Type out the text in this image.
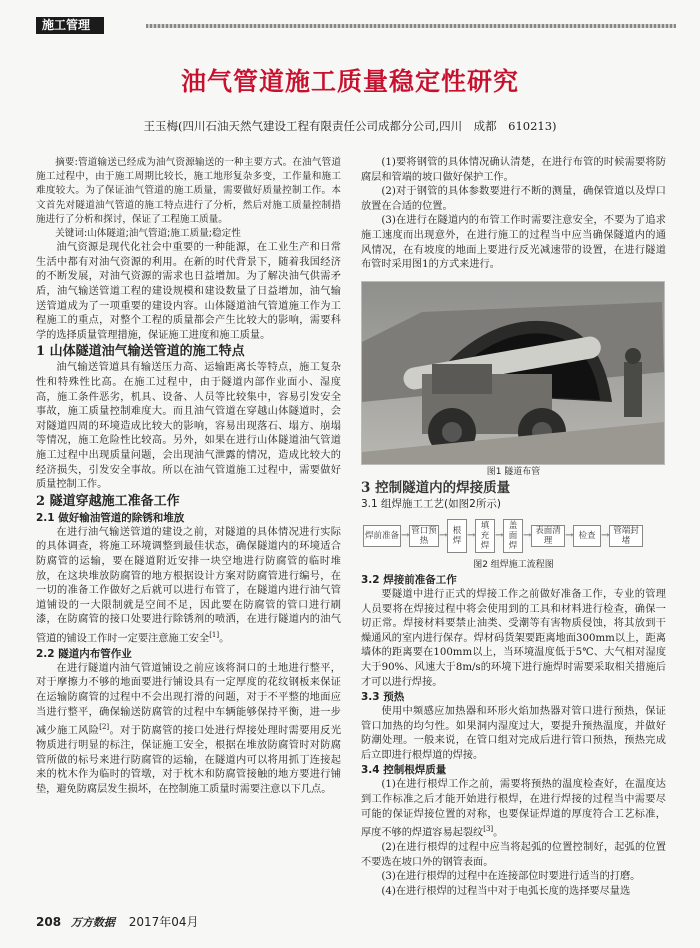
施工管理
油气管道施工质量稳定性研究
王玉梅(四川石油天然气建设工程有限责任公司成都分公司,四川　成都　610213)

摘要:管道输送已经成为油气资源输送的一种主要方式。在油气管道施工过程中，由于施工周期比较长，施工地形复杂多变，工作量和施工难度较大。为了保证油气管道的施工质量，需要做好质量控制工作。本文首先对隧道油气管道的施工特点进行了分析，然后对施工质量控制措施进行了分析和探讨，保证了工程施工质量。

关键词:山体隧道;油气管道;施工质量;稳定性

油气资源是现代化社会中重要的一种能源，在工业生产和日常生活中都有对油气资源的利用。在新的时代背景下，随着我国经济的不断发展，对油气资源的需求也日益增加。为了解决油气供需矛盾，油气输送管道工程的建设规模和建设数量了日益增加，油气输送管道成为了一项重要的建设内容。山体隧道油气管道施工作为工程施工的重点，对整个工程的质量都会产生比较大的影响，需要科学的选择质量管理措施，保证施工进度和施工质量。

1 山体隧道油气输送管道的施工特点

油气输送管道具有输送压力高、运输距离长等特点，施工复杂性和特殊性比高。在施工过程中，由于隧道内部作业面小、湿度高，施工条件恶劣，机具、设备、人员等比较集中，容易引发安全事故，施工质量控制难度大。而且油气管道在穿越山体隧道时，会对隧道四周的环境造成比较大的影响，容易出现落石、塌方、崩塌等情况，施工危险性比较高。另外，如果在进行山体隧道油气管道施工过程中出现质量问题，会出现油气泄露的情况，造成比较大的经济损失，引发安全事故。所以在油气管道施工过程中，需要做好质量控制工作。

2 隧道穿越施工准备工作

2.1 做好输油管道的除锈和堆放

在进行油气输送管道的建设之前，对隧道的具体情况进行实际的具体调查，将施工环境调整到最佳状态，确保隧道内的环境适合防腐管的运输，要在隧道附近安排一块空地进行防腐管的临时堆放，在这块堆放防腐管的地方根据设计方案对防腐管进行编号，在一切的准备工作做好之后就可以进行布管了，在隧道内进行油气管道铺设的一大限制就是空间不足，因此要在防腐管的管口进行刷漆，在防腐管的接口处要进行除锈剂的喷洒，在进行隧道内的油气管道的铺设工作时一定要注意施工安全[1]。

2.2 隧道内布管作业

在进行隧道内油气管道铺设之前应该将洞口的土地进行整平，对于摩擦力不够的地面要进行铺设具有一定厚度的花纹钢板来保证在运输防腐管的过程中不会出现打滑的问题，对于不平整的地面应当进行整平，确保输送防腐管的过程中车辆能够保持平衡，进一步减少施工风险[2]。对于防腐管的接口处进行焊接处理时需要用反光物质进行明显的标注，保证施工安全，根据在堆放防腐管时对防腐管所做的标号来进行防腐管的运输，在隧道内可以将用抓丁连接起来的枕木作为临时的管墩，对于枕木和防腐管接触的地方要进行铺垫，避免防腐层发生损坏，在控制施工质量时需要注意以下几点。

(1)要将钢管的具体情况确认清楚，在进行布管的时候需要将防腐层和管端的坡口做好保护工作。

(2)对于钢管的具体参数要进行不断的测量，确保管道以及焊口放置在合适的位置。

(3)在进行在隧道内的布管工作时需要注意安全，不要为了追求施工速度而出现意外，在进行施工的过程当中应当确保隧道内的通风情况，在有坡度的地面上要进行反光减速带的设置，在进行隧道布管时采用图1的方式来进行。

图1 隧道布管

3 控制隧道内的焊接质量

3.1 组焊施工工艺(如图2所示)

焊前准备 → 管口预热
→ 根焊
→
填充焊
→
盖面焊
→ 表面清理
→ 检查 → 管端封堵

图2 组焊施工流程图

3.2 焊接前准备工作

要隧道中进行正式的焊接工作之前做好准备工作，专业的管理人员要将在焊接过程中将会使用到的工具和材料进行检查，确保一切正常。焊接材料要禁止油类、受潮等有害物质侵蚀，将其放到干燥通风的室内进行保存。焊材码货架要距离地面300mm以上，距离墙体的距离要在100mm以上，当环境温度低于5℃、大气相对湿度大于90%、风速大于8m/s的环境下进行施焊时需要采取相关措施后才可以进行焊接。

3.3 预热

使用中频感应加热器和环形火焰加热器对管口进行预热，保证管口加热的均匀性。如果洞内湿度过大，要提升预热温度，并做好防潮处理。一般来说，在管口组对完成后进行管口预热，预热完成后立即进行根焊道的焊接。

3.4 控制根焊质量

(1)在进行根焊工作之前，需要将预热的温度检查好，在温度达到工作标准之后才能开始进行根焊，在进行焊接的过程当中需要尽可能的保证焊接位置的对称，也要保证焊道的厚度符合工艺标准，厚度不够的焊道容易起裂纹[3]。

(2)在进行根焊的过程中应当将起弧的位置控制好，起弧的位置不要选在坡口外的钢管表面。

(3)在进行根焊的过程中在连接部位时要进行适当的打磨。

(4)在进行根焊的过程当中对于电弧长度的选择要尽量选

208 万方数据 2017年04月
